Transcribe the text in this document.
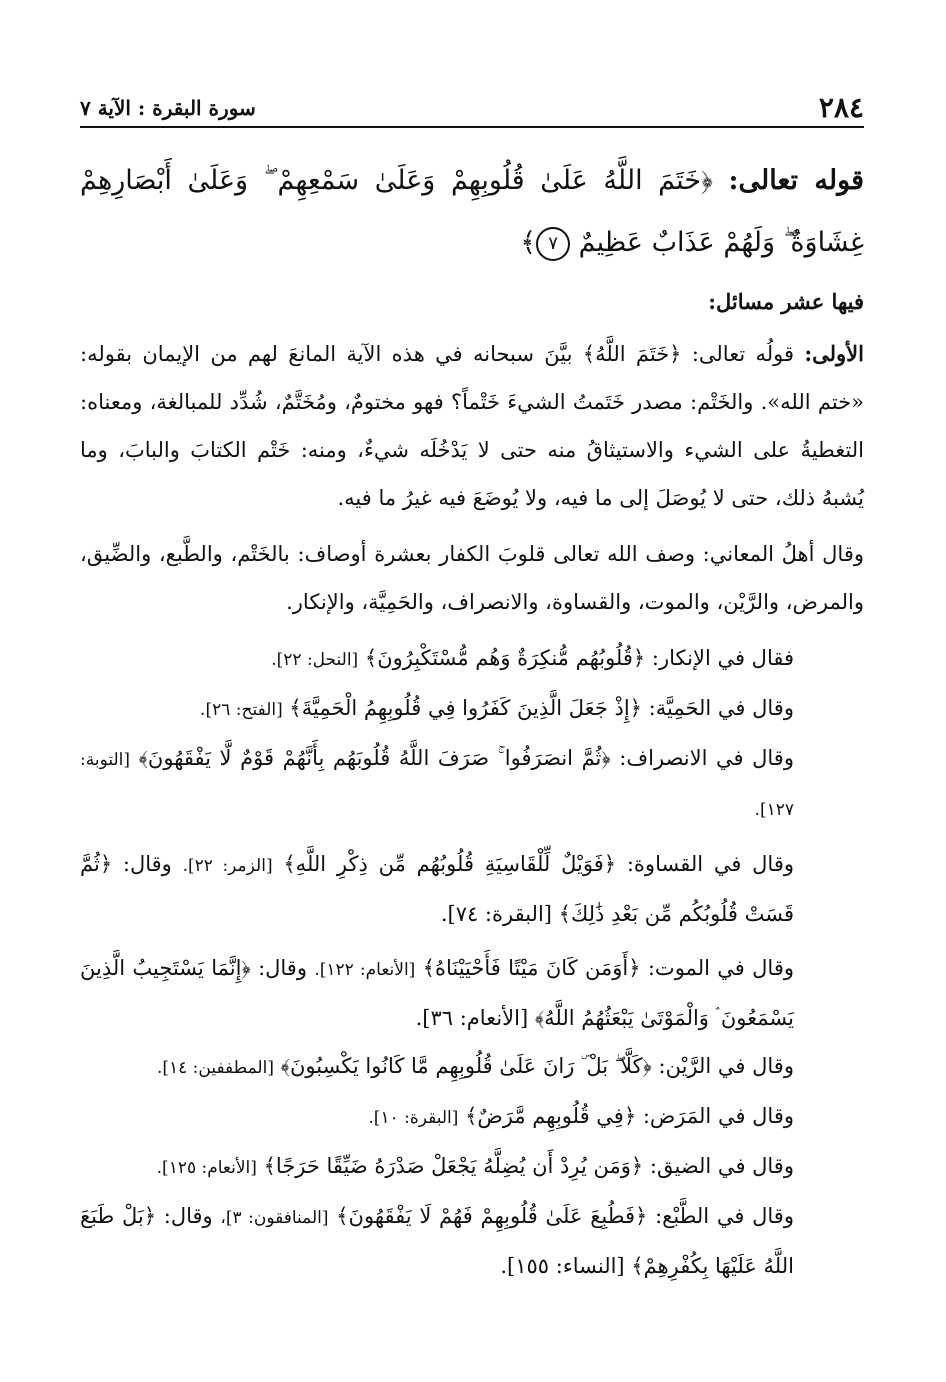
سورة البقرة : الآية ٧	٢٨٤
قوله تعالى: ﴿خَتَمَ اللَّهُ عَلَىٰ قُلُوبِهِمْ وَعَلَىٰ سَمْعِهِمْ ۖ وَعَلَىٰ أَبْصَارِهِمْ غِشَاوَةٌ ۖ وَلَهُمْ عَذَابٌ عَظِيمٌ ٧﴾
فيها عشر مسائل:

الأولى: قولُه تعالى: ﴿خَتَمَ اللَّهُ﴾ بيَّنَ سبحانه في هذه الآية المانعَ لهم من الإيمان بقوله: «ختم الله». والخَتْم: مصدر خَتَمتُ الشيءَ خَتْماً؟ فهو مختومٌ، ومُخَتَّمٌ، شُدِّد للمبالغة، ومعناه: التغطيةُ على الشيء والاستيثاقُ منه حتى لا يَدْخُلَه شيءٌ، ومنه: خَتْم الكتابَ والبابَ، وما يُشبهُ ذلك، حتى لا يُوصَلَ إلى ما فيه، ولا يُوضَعَ فيه غيرُ ما فيه.

وقال أهلُ المعاني: وصف الله تعالى قلوبَ الكفار بعشرة أوصاف: بالخَتْم، والطَّبع، والضِّيق، والمرض، والرَّيْن، والموت، والقساوة، والانصراف، والحَمِيَّة، والإنكار.

فقال في الإنكار: ﴿قُلُوبُهُم مُّنكِرَةٌ وَهُم مُّسْتَكْبِرُونَ﴾ [النحل: ٢٢].

وقال في الحَمِيَّة: ﴿إِذْ جَعَلَ الَّذِينَ كَفَرُوا فِي قُلُوبِهِمُ الْحَمِيَّةَ﴾ [الفتح: ٢٦].

وقال في الانصراف: ﴿ثُمَّ انصَرَفُوا ۚ صَرَفَ اللَّهُ قُلُوبَهُم بِأَنَّهُمْ قَوْمٌ لَّا يَفْقَهُونَ﴾ [التوبة: ١٢٧].

وقال في القساوة: ﴿فَوَيْلٌ لِّلْقَاسِيَةِ قُلُوبُهُم مِّن ذِكْرِ اللَّهِ﴾ [الزمر: ٢٢]. وقال: ﴿ثُمَّ قَسَتْ قُلُوبُكُم مِّن بَعْدِ ذَٰلِكَ﴾ [البقرة: ٧٤].

وقال في الموت: ﴿أَوَمَن كَانَ مَيْتًا فَأَحْيَيْنَاهُ﴾ [الأنعام: ١٢٢]. وقال: ﴿إِنَّمَا يَسْتَجِيبُ الَّذِينَ يَسْمَعُونَ ۘ وَالْمَوْتَىٰ يَبْعَثُهُمُ اللَّهُ﴾ [الأنعام: ٣٦].

وقال في الرَّيْن: ﴿كَلَّا ۖ بَلْ ۜ رَانَ عَلَىٰ قُلُوبِهِم مَّا كَانُوا يَكْسِبُونَ﴾ [المطففين: ١٤].

وقال في المَرَض: ﴿فِي قُلُوبِهِم مَّرَضٌ﴾ [البقرة: ١٠].

وقال في الضيق: ﴿وَمَن يُرِدْ أَن يُضِلَّهُ يَجْعَلْ صَدْرَهُ ضَيِّقًا حَرَجًا﴾ [الأنعام: ١٢٥].

وقال في الطَّبْع: ﴿فَطُبِعَ عَلَىٰ قُلُوبِهِمْ فَهُمْ لَا يَفْقَهُونَ﴾ [المنافقون: ٣]، وقال: ﴿بَلْ طَبَعَ اللَّهُ عَلَيْهَا بِكُفْرِهِمْ﴾ [النساء: ١٥٥].
